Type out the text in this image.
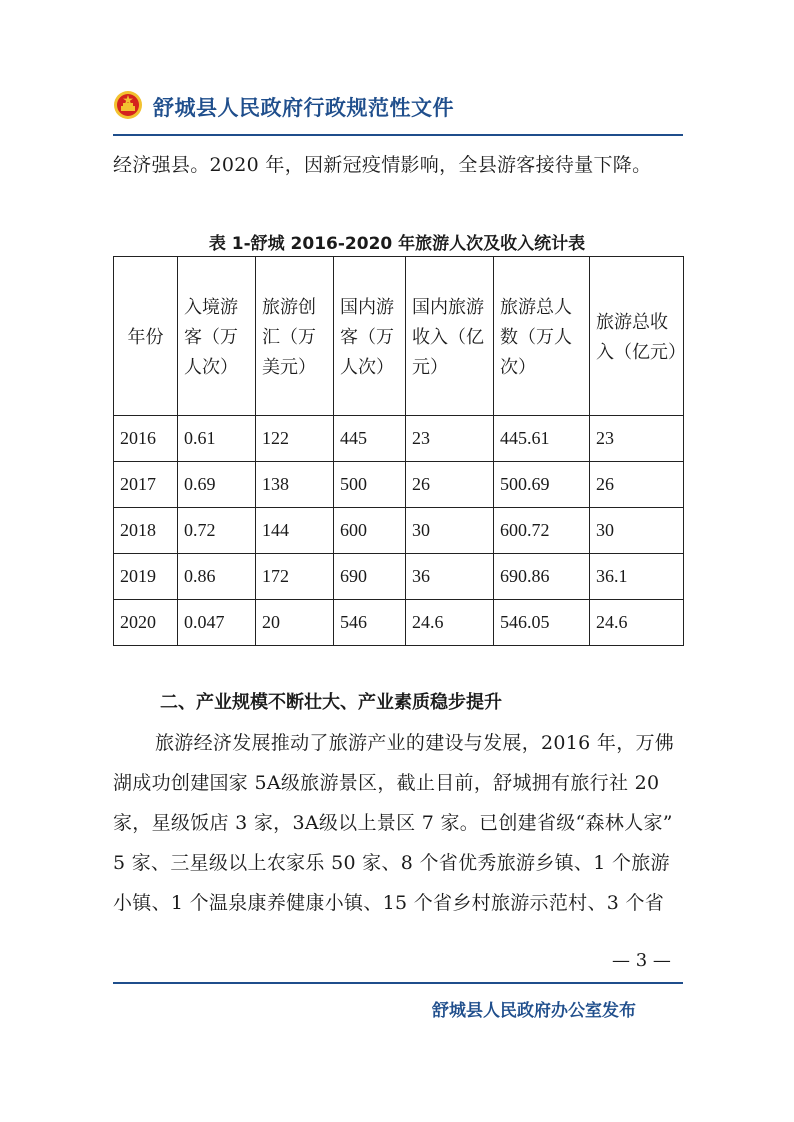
舒城县人民政府行政规范性文件
经济强县。2020 年，因新冠疫情影响，全县游客接待量下降。
表 1-舒城 2016-2020 年旅游人次及收入统计表
年份	入境游客（万人次）	旅游创汇（万美元）	国内游客（万人次）	国内旅游收入（亿元）	旅游总人数（万人次）	旅游总收入（亿元）
2016	0.61	122	445	23	445.61	23
2017	0.69	138	500	26	500.69	26
2018	0.72	144	600	30	600.72	30
2019	0.86	172	690	36	690.86	36.1
2020	0.047	20	546	24.6	546.05	24.6
二、产业规模不断壮大、产业素质稳步提升
旅游经济发展推动了旅游产业的建设与发展，2016 年，万佛
湖成功创建国家 5A级旅游景区，截止目前，舒城拥有旅行社 20
家，星级饭店 3 家，3A级以上景区 7 家。已创建省级“森林人家”
5 家、三星级以上农家乐 50 家、8 个省优秀旅游乡镇、1 个旅游
小镇、1 个温泉康养健康小镇、15 个省乡村旅游示范村、3 个省
— 3 —
舒城县人民政府办公室发布
